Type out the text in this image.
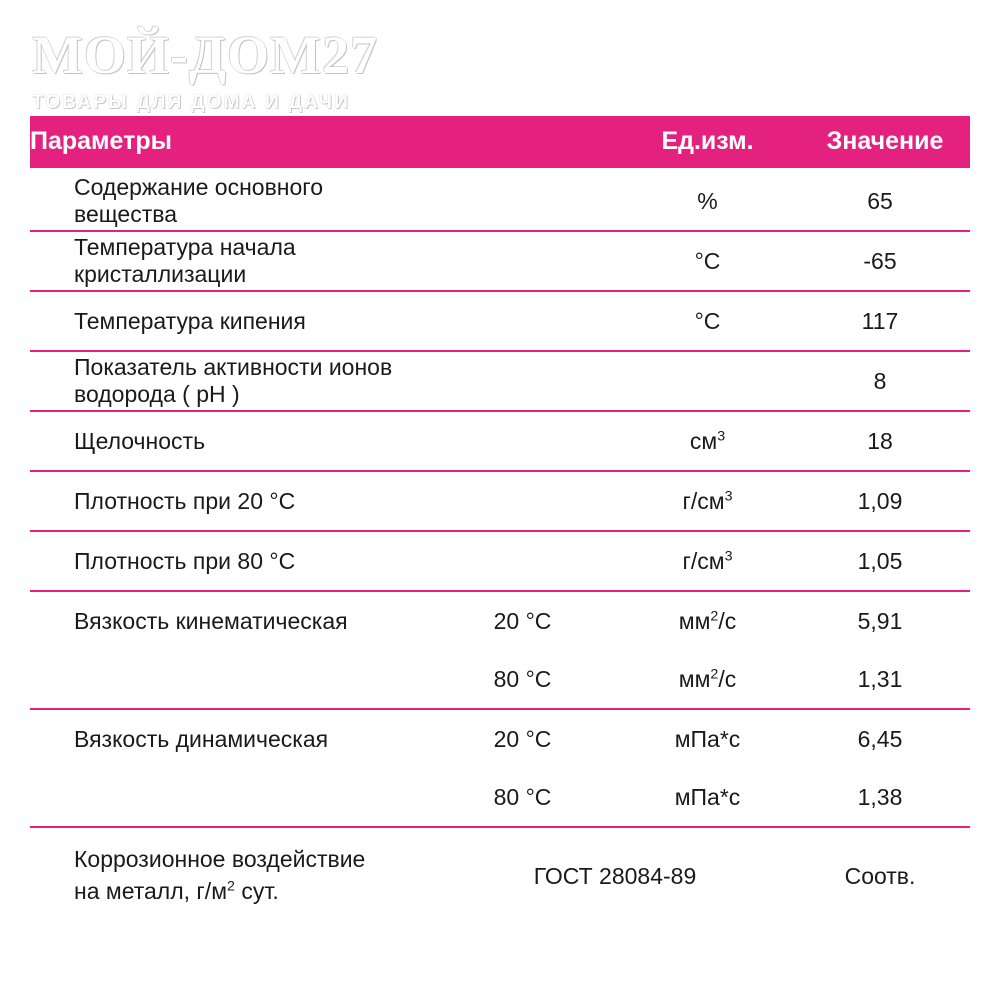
МОЙ-ДОМ27
ТОВАРЫ ДЛЯ ДОМА И ДАЧИ
Параметры		Ед.изм.	Значение
Содержание основного вещества		%	65
Температура начала кристаллизации		°С	-65
Температура кипения		°С	117
Показатель активности ионов водорода ( pH )			8
Щелочность		$см^3$	18
Плотность при 20 °С		$г/см^3$	1,09
Плотность при 80 °С		$г/см^3$	1,05
Вязкость кинематическая	20 °С	$мм^2/с$	5,91
	80 °С	$мм^2/с$	1,31
Вязкость динамическая	20 °С	мПа*с	6,45
	80 °С	мПа*с	1,38

Коррозионное воздействие
на металл, $г/м^2$ сут.	ГОСТ 28084-89		Соотв.
